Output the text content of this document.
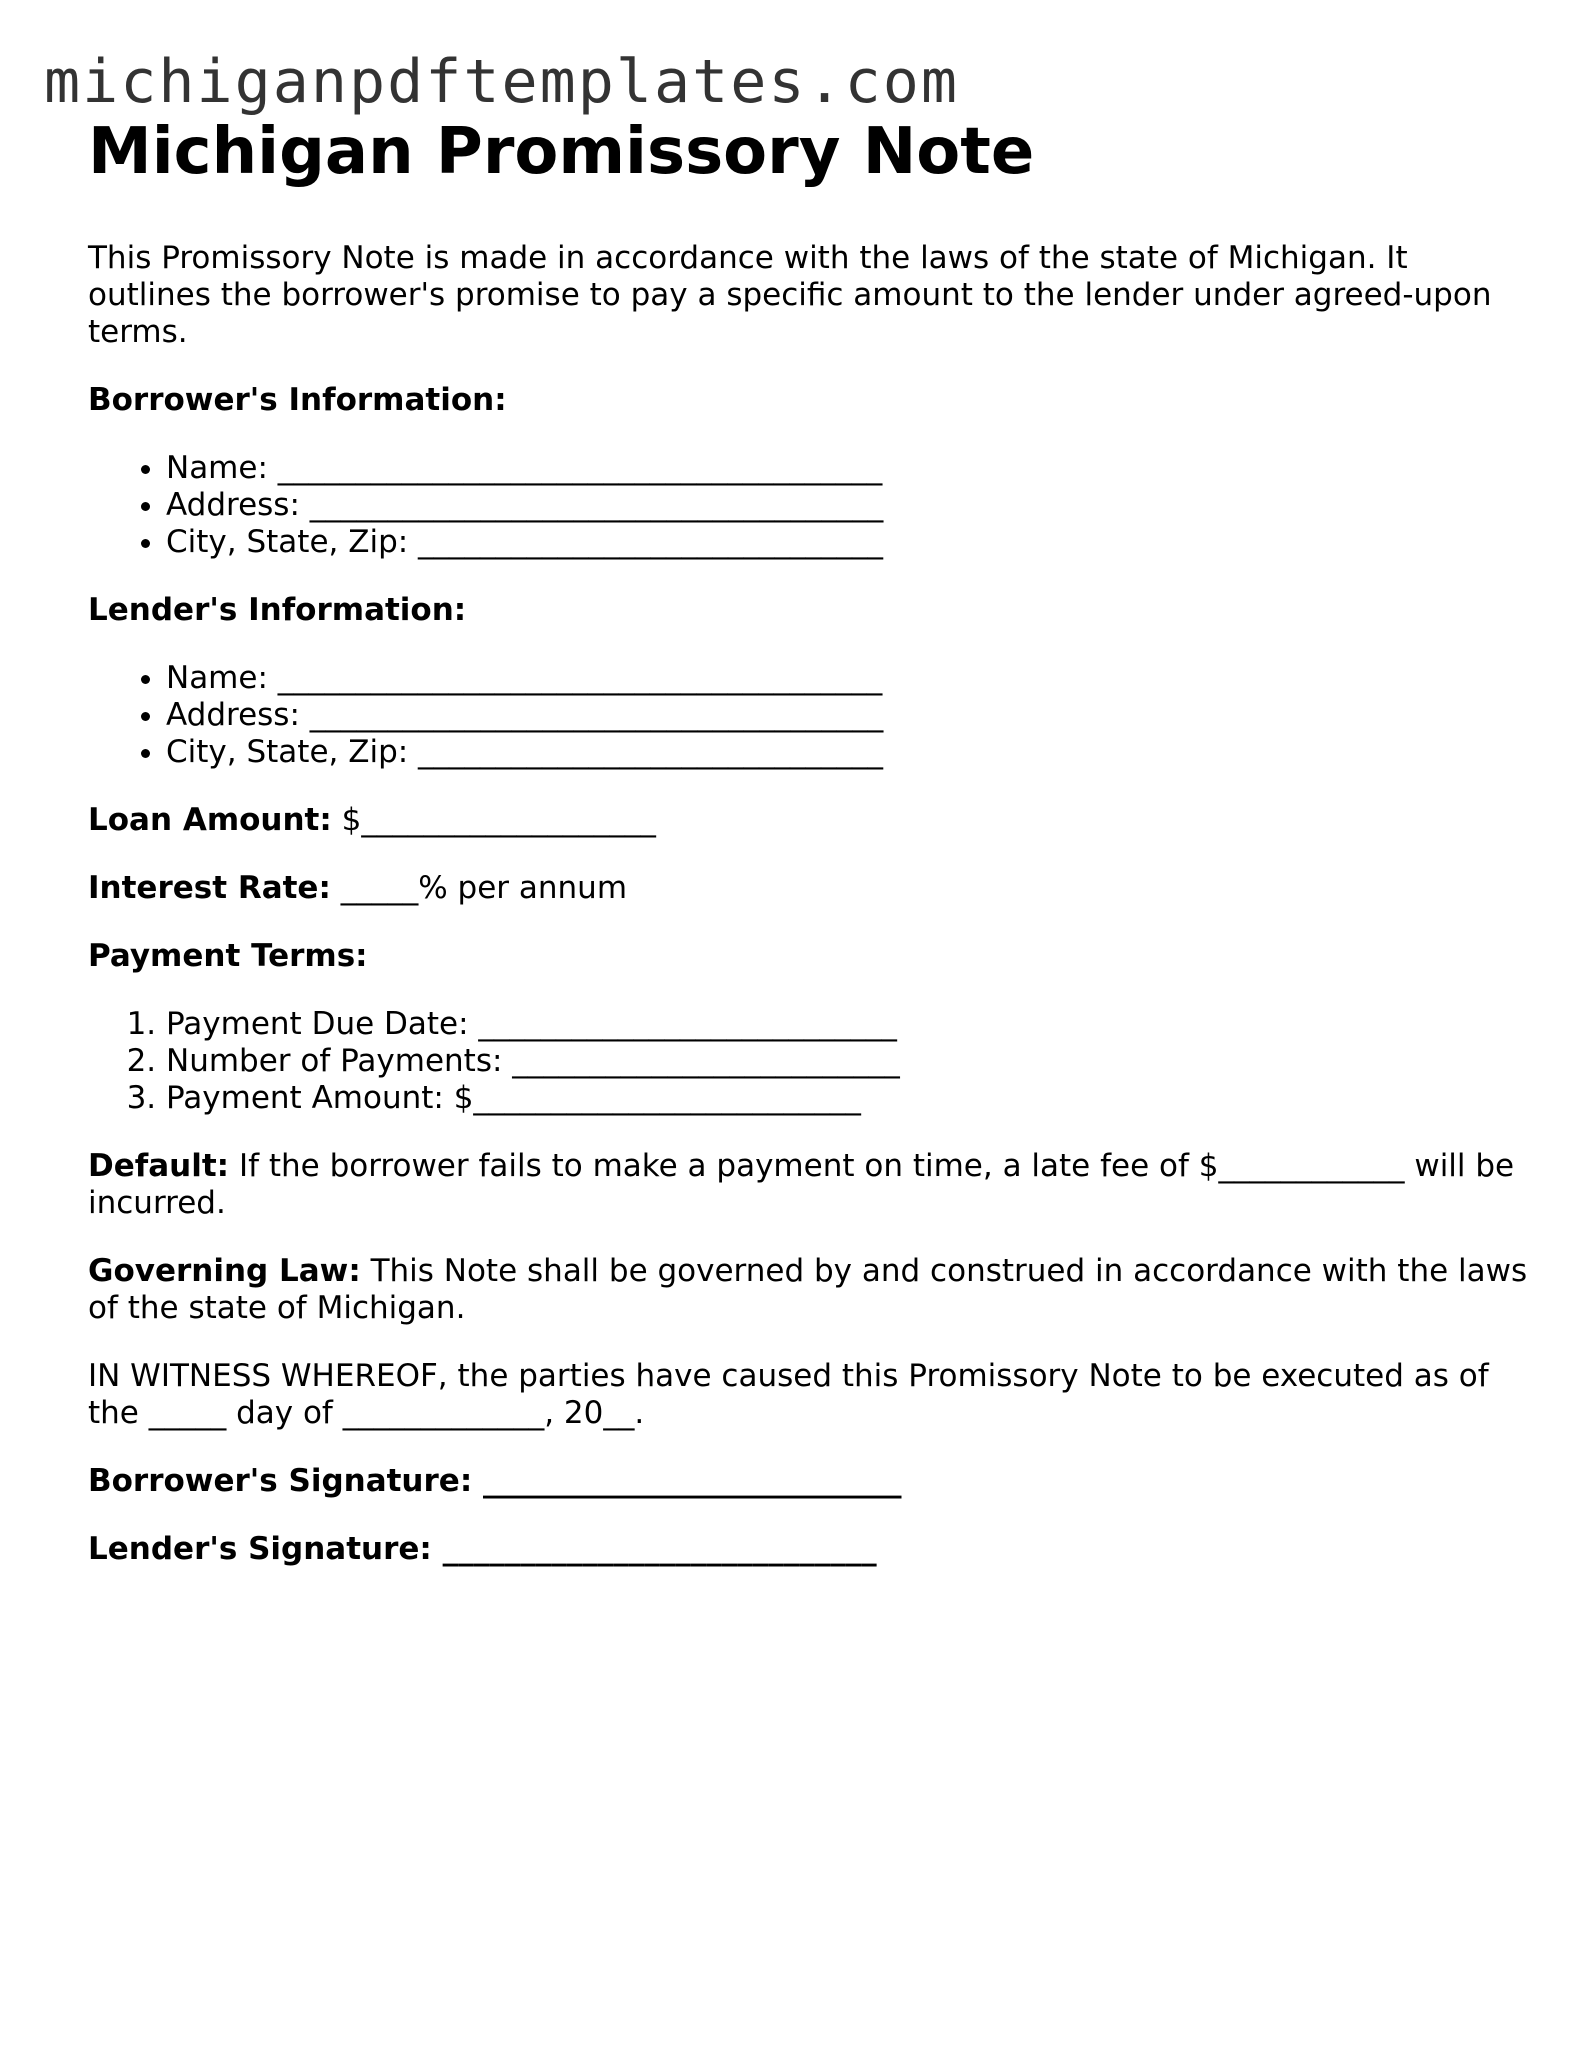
michiganpdftemplates.com
Michigan Promissory Note

This Promissory Note is made in accordance with the laws of the state of Michigan. It outlines the borrower's promise to pay a specific amount to the lender under agreed-upon terms.

Borrower's Information:

• Name: _______________________________________
• Address: _____________________________________
• City, State, Zip: ______________________________

Lender's Information:

• Name: _______________________________________
• Address: _____________________________________
• City, State, Zip: ______________________________

Loan Amount: $___________________

Interest Rate: _____% per annum

Payment Terms:

1. Payment Due Date: ___________________________
2. Number of Payments: _________________________
3. Payment Amount: $_________________________

Default: If the borrower fails to make a payment on time, a late fee of $____________ will be incurred.

Governing Law: This Note shall be governed by and construed in accordance with the laws of the state of Michigan.

IN WITNESS WHEREOF, the parties have caused this Promissory Note to be executed as of the _____ day of _____________, 20__.

Borrower's Signature: ___________________________

Lender's Signature: ____________________________
